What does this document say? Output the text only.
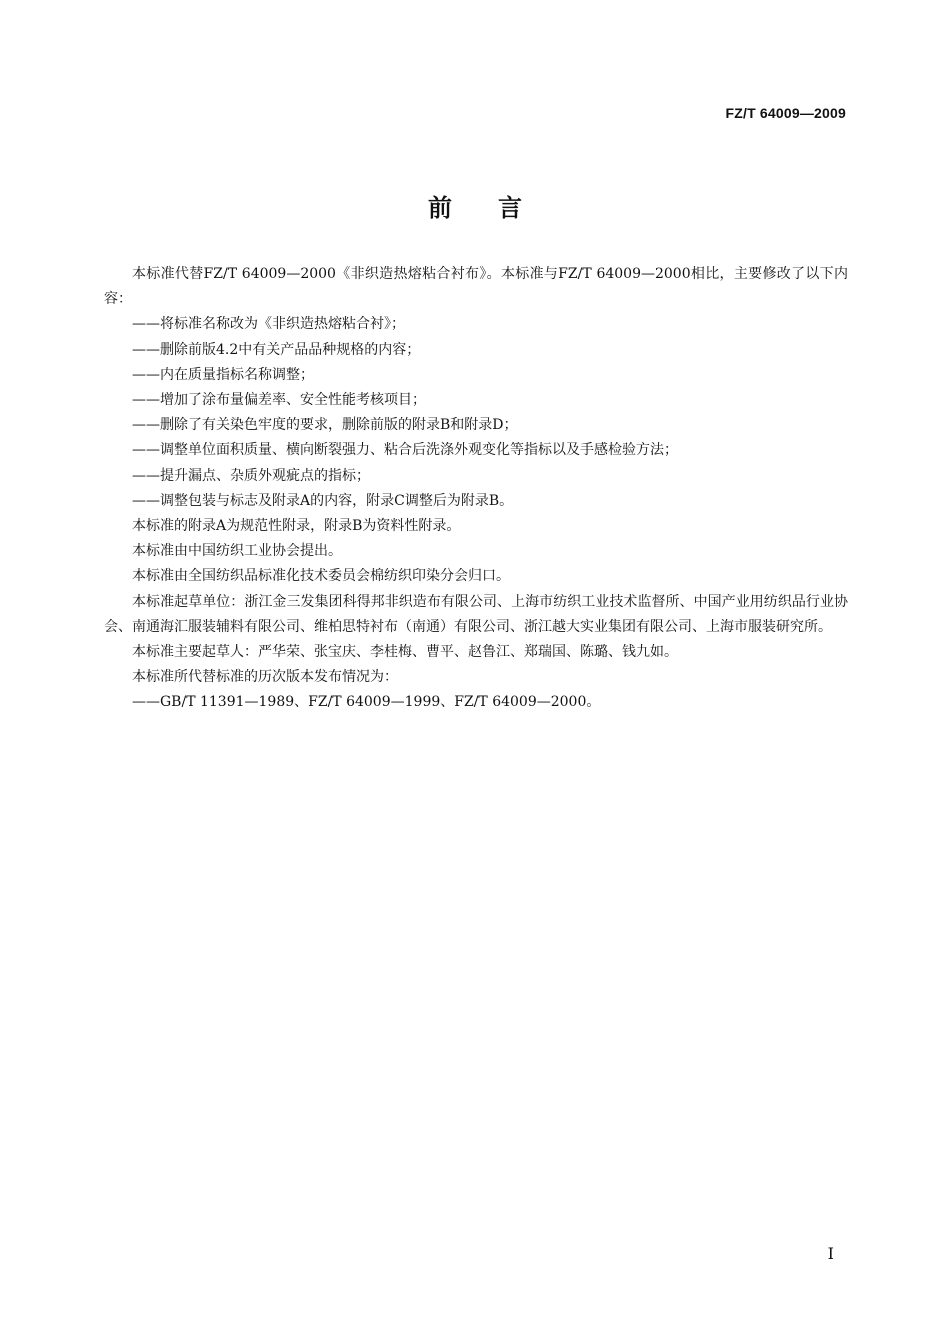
FZ/T 64009—2009
前 言

本标准代替FZ/T 64009—2000《非织造热熔粘合衬布》。本标准与FZ/T 64009—2000相比，主要修改了以下内容：

——将标准名称改为《非织造热熔粘合衬》；

——删除前版4.2中有关产品品种规格的内容；

——内在质量指标名称调整；

——增加了涂布量偏差率、安全性能考核项目；

——删除了有关染色牢度的要求，删除前版的附录B和附录D；

——调整单位面积质量、横向断裂强力、粘合后洗涤外观变化等指标以及手感检验方法；

——提升漏点、杂质外观疵点的指标；

——调整包装与标志及附录A的内容，附录C调整后为附录B。

本标准的附录A为规范性附录，附录B为资料性附录。

本标准由中国纺织工业协会提出。

本标准由全国纺织品标准化技术委员会棉纺织印染分会归口。

本标准起草单位：浙江金三发集团科得邦非织造布有限公司、上海市纺织工业技术监督所、中国产业用纺织品行业协会、南通海汇服装辅料有限公司、维柏思特衬布（南通）有限公司、浙江越大实业集团有限公司、上海市服装研究所。

本标准主要起草人：严华荣、张宝庆、李桂梅、曹平、赵鲁江、郑瑞国、陈璐、钱九如。

本标准所代替标准的历次版本发布情况为：

——GB/T 11391—1989、FZ/T 64009—1999、FZ/T 64009—2000。

I
